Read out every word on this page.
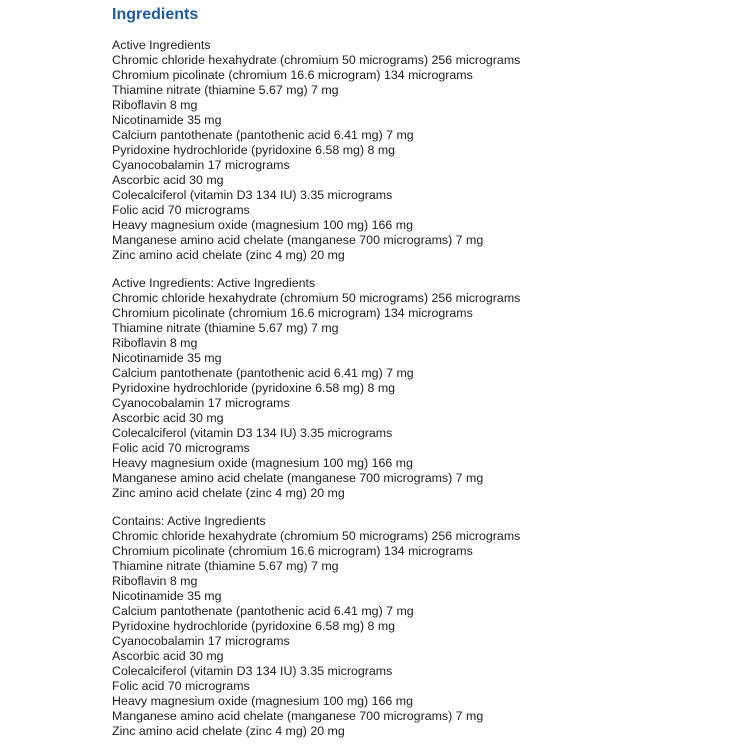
Ingredients
Active Ingredients
Chromic chloride hexahydrate (chromium 50 micrograms) 256 micrograms
Chromium picolinate (chromium 16.6 microgram) 134 micrograms
Thiamine nitrate (thiamine 5.67 mg) 7 mg
Riboflavin 8 mg
Nicotinamide 35 mg
Calcium pantothenate (pantothenic acid 6.41 mg) 7 mg
Pyridoxine hydrochloride (pyridoxine 6.58 mg) 8 mg
Cyanocobalamin 17 micrograms
Ascorbic acid 30 mg
Colecalciferol (vitamin D3 134 IU) 3.35 micrograms
Folic acid 70 micrograms
Heavy magnesium oxide (magnesium 100 mg) 166 mg
Manganese amino acid chelate (manganese 700 micrograms) 7 mg
Zinc amino acid chelate (zinc 4 mg) 20 mg
Active Ingredients: Active Ingredients
Chromic chloride hexahydrate (chromium 50 micrograms) 256 micrograms
Chromium picolinate (chromium 16.6 microgram) 134 micrograms
Thiamine nitrate (thiamine 5.67 mg) 7 mg
Riboflavin 8 mg
Nicotinamide 35 mg
Calcium pantothenate (pantothenic acid 6.41 mg) 7 mg
Pyridoxine hydrochloride (pyridoxine 6.58 mg) 8 mg
Cyanocobalamin 17 micrograms
Ascorbic acid 30 mg
Colecalciferol (vitamin D3 134 IU) 3.35 micrograms
Folic acid 70 micrograms
Heavy magnesium oxide (magnesium 100 mg) 166 mg
Manganese amino acid chelate (manganese 700 micrograms) 7 mg
Zinc amino acid chelate (zinc 4 mg) 20 mg
Contains: Active Ingredients
Chromic chloride hexahydrate (chromium 50 micrograms) 256 micrograms
Chromium picolinate (chromium 16.6 microgram) 134 micrograms
Thiamine nitrate (thiamine 5.67 mg) 7 mg
Riboflavin 8 mg
Nicotinamide 35 mg
Calcium pantothenate (pantothenic acid 6.41 mg) 7 mg
Pyridoxine hydrochloride (pyridoxine 6.58 mg) 8 mg
Cyanocobalamin 17 micrograms
Ascorbic acid 30 mg
Colecalciferol (vitamin D3 134 IU) 3.35 micrograms
Folic acid 70 micrograms
Heavy magnesium oxide (magnesium 100 mg) 166 mg
Manganese amino acid chelate (manganese 700 micrograms) 7 mg
Zinc amino acid chelate (zinc 4 mg) 20 mg
